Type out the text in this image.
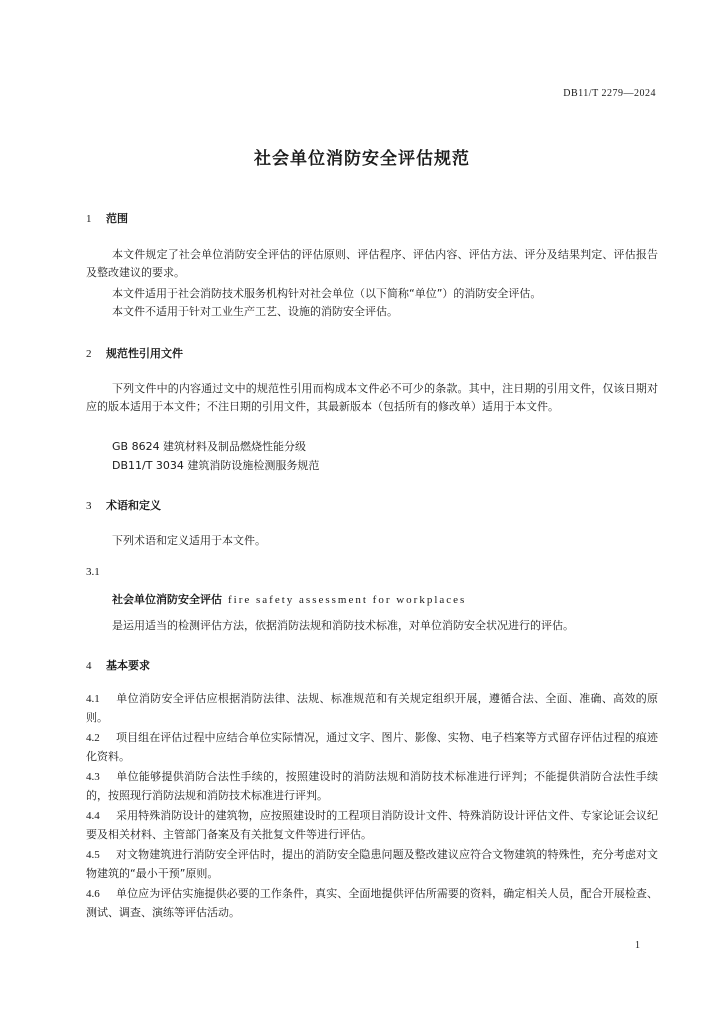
DB11/T 2279—2024
社会单位消防安全评估规范
1 范围
本文件规定了社会单位消防安全评估的评估原则、评估程序、评估内容、评估方法、评分及结果判定、评估报告及整改建议的要求。
本文件适用于社会消防技术服务机构针对社会单位（以下简称“单位”）的消防安全评估。
本文件不适用于针对工业生产工艺、设施的消防安全评估。
2 规范性引用文件
下列文件中的内容通过文中的规范性引用而构成本文件必不可少的条款。其中，注日期的引用文件，仅该日期对应的版本适用于本文件；不注日期的引用文件，其最新版本（包括所有的修改单）适用于本文件。
GB 8624 建筑材料及制品燃烧性能分级
DB11/T 3034 建筑消防设施检测服务规范
3 术语和定义
下列术语和定义适用于本文件。
3.1
社会单位消防安全评估 fire safety assessment for workplaces
是运用适当的检测评估方法，依据消防法规和消防技术标准，对单位消防安全状况进行的评估。
4 基本要求
4.1 单位消防安全评估应根据消防法律、法规、标准规范和有关规定组织开展，遵循合法、全面、准确、高效的原则。
4.2 项目组在评估过程中应结合单位实际情况，通过文字、图片、影像、实物、电子档案等方式留存评估过程的痕迹化资料。
4.3 单位能够提供消防合法性手续的，按照建设时的消防法规和消防技术标准进行评判；不能提供消防合法性手续的，按照现行消防法规和消防技术标准进行评判。
4.4 采用特殊消防设计的建筑物，应按照建设时的工程项目消防设计文件、特殊消防设计评估文件、专家论证会议纪要及相关材料、主管部门备案及有关批复文件等进行评估。
4.5 对文物建筑进行消防安全评估时，提出的消防安全隐患问题及整改建议应符合文物建筑的特殊性，充分考虑对文物建筑的“最小干预”原则。
4.6 单位应为评估实施提供必要的工作条件，真实、全面地提供评估所需要的资料，确定相关人员，配合开展检查、测试、调查、演练等评估活动。
1
